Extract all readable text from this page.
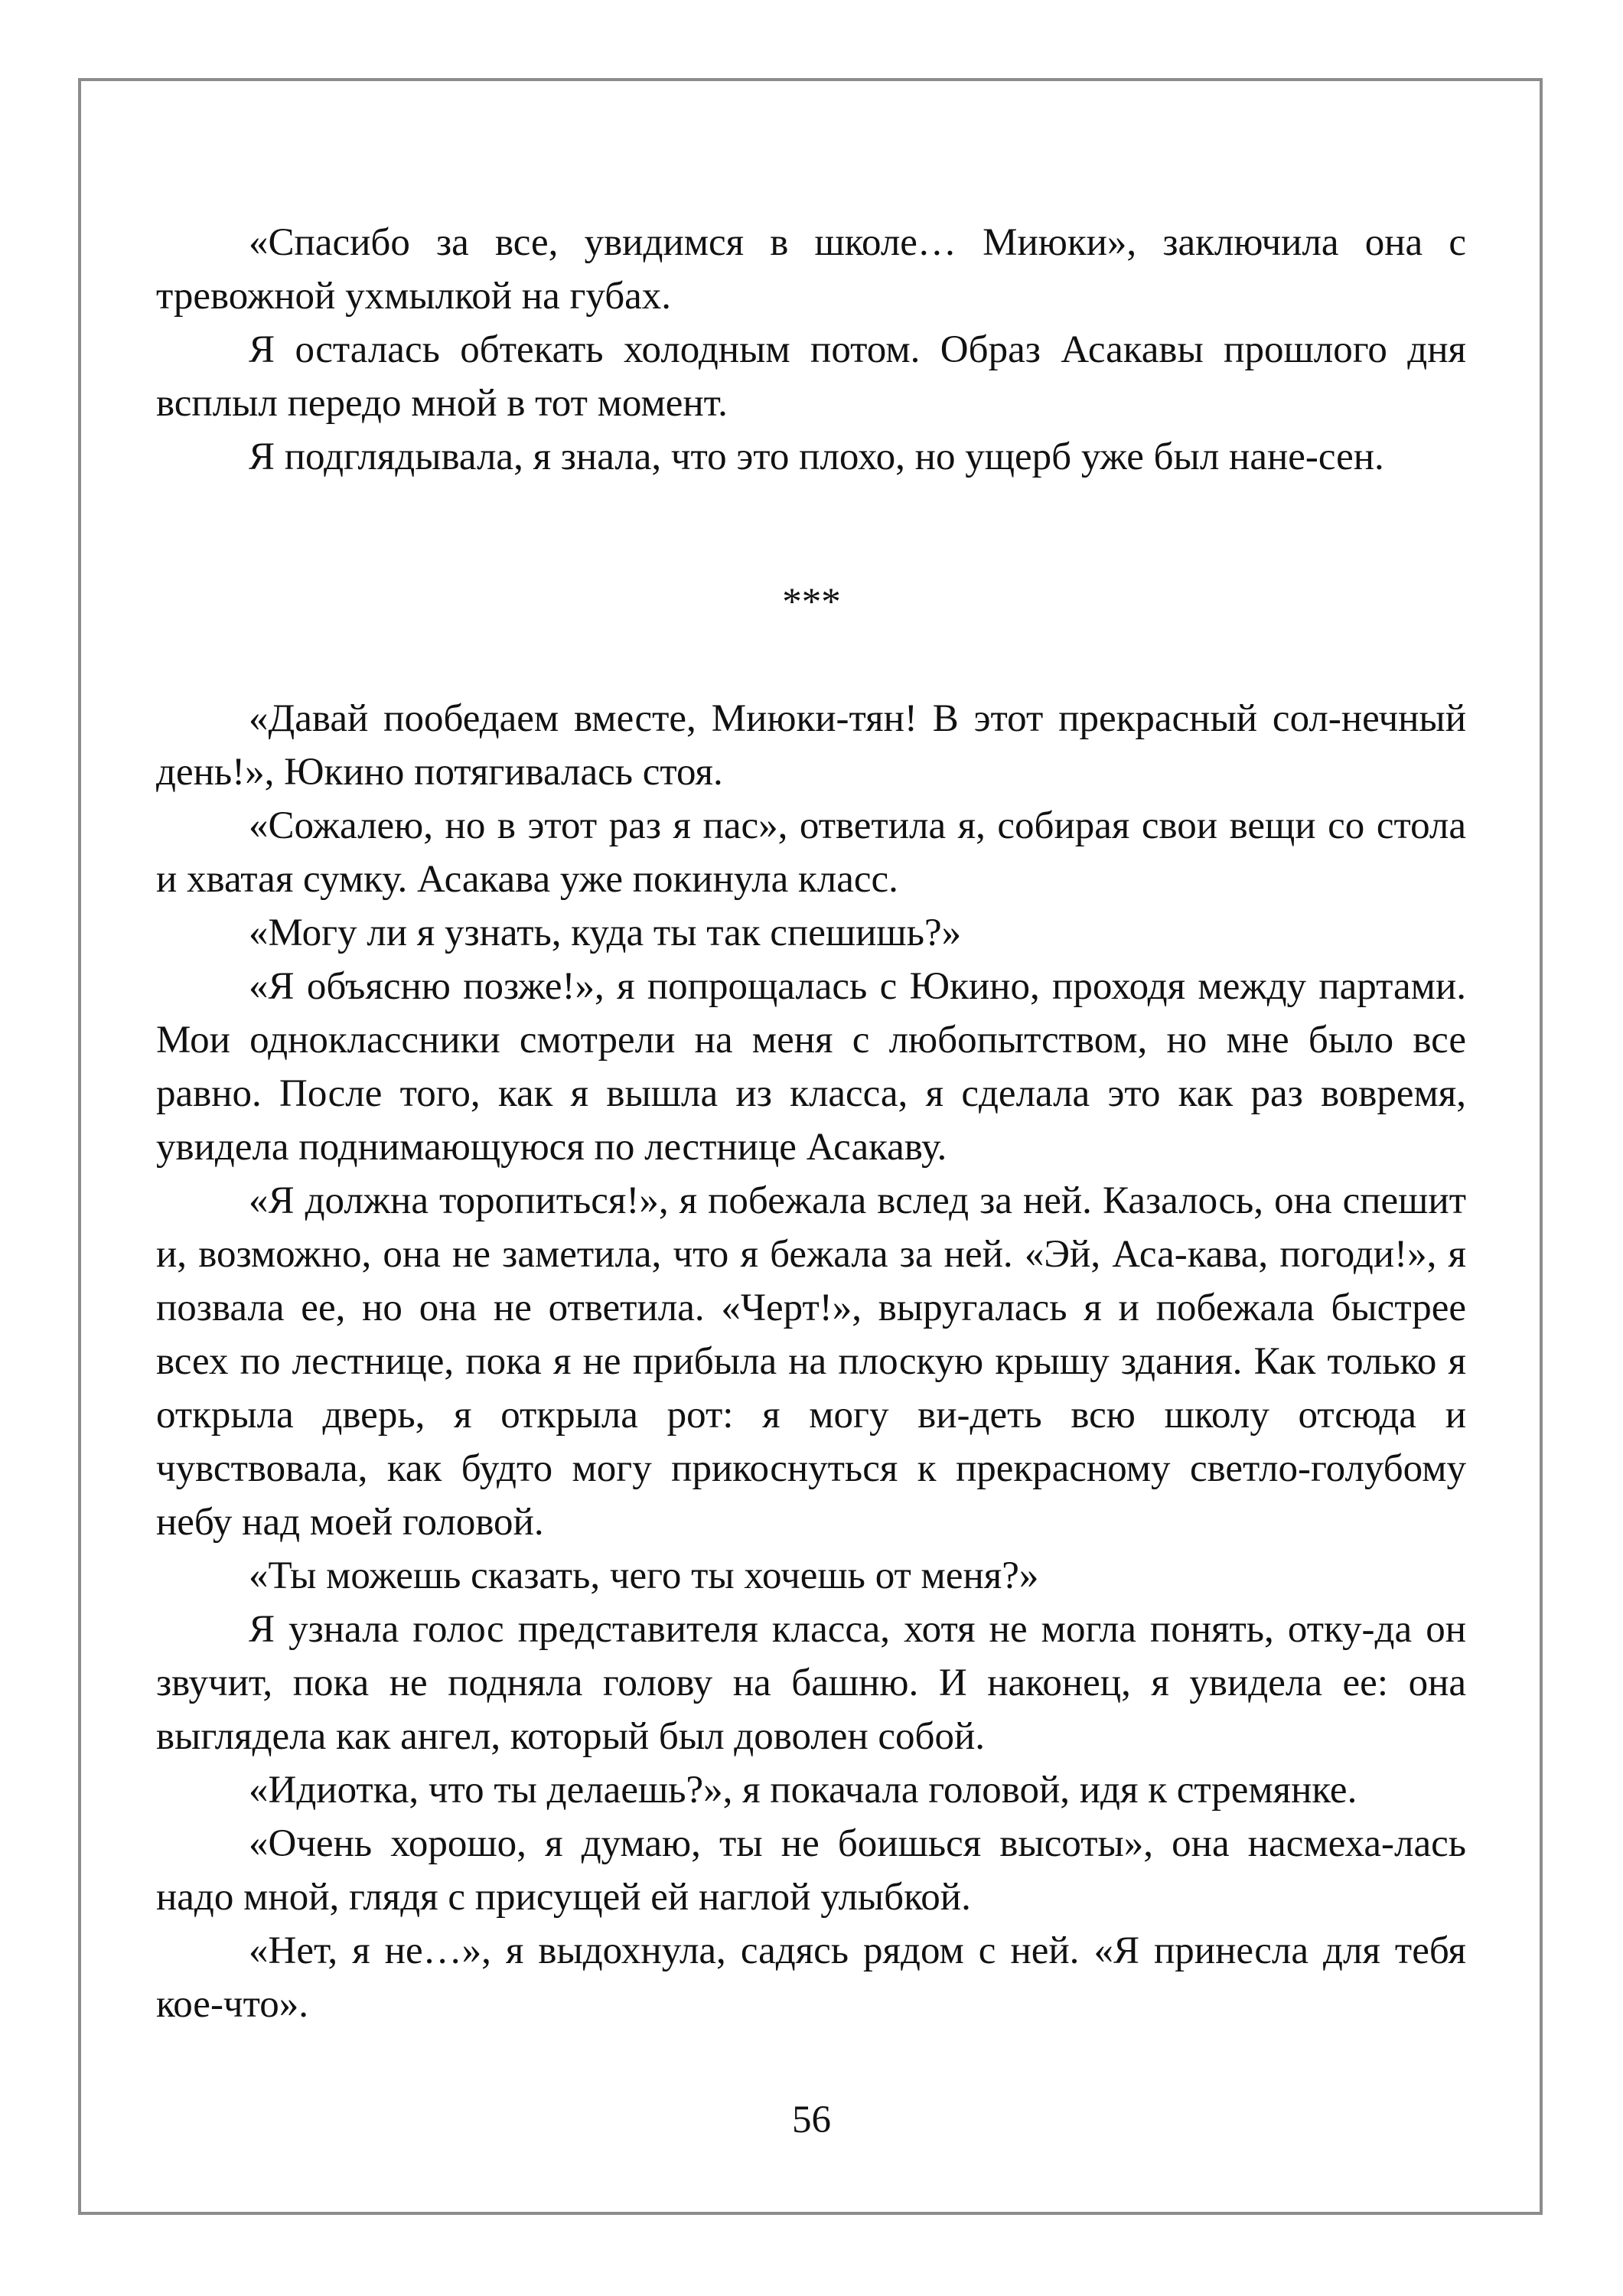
«Спасибо за все, увидимся в школе… Миюки», заключила она с тревожной ухмылкой на губах.

Я осталась обтекать холодным потом. Образ Асакавы прошлого дня всплыл передо мной в тот момент.

Я подглядывала, я знала, что это плохо, но ущерб уже был нане-сен.

***

«Давай пообедаем вместе, Миюки-тян! В этот прекрасный сол-нечный день!», Юкино потягивалась стоя.

«Сожалею, но в этот раз я пас», ответила я, собирая свои вещи со стола и хватая сумку. Асакава уже покинула класс.

«Могу ли я узнать, куда ты так спешишь?»

«Я объясню позже!», я попрощалась с Юкино, проходя между партами. Мои одноклассники смотрели на меня с любопытством, но мне было все равно. После того, как я вышла из класса, я сделала это как раз вовремя, увидела поднимающуюся по лестнице Асакаву.

«Я должна торопиться!», я побежала вслед за ней. Казалось, она спешит и, возможно, она не заметила, что я бежала за ней. «Эй, Аса-кава, погоди!», я позвала ее, но она не ответила. «Черт!», выругалась я и побежала быстрее всех по лестнице, пока я не прибыла на плоскую крышу здания. Как только я открыла дверь, я открыла рот: я могу ви-деть всю школу отсюда и чувствовала, как будто могу прикоснуться к прекрасному светло-голубому небу над моей головой.

«Ты можешь сказать, чего ты хочешь от меня?»

Я узнала голос представителя класса, хотя не могла понять, отку-да он звучит, пока не подняла голову на башню. И наконец, я увидела ее: она выглядела как ангел, который был доволен собой.

«Идиотка, что ты делаешь?», я покачала головой, идя к стремянке.

«Очень хорошо, я думаю, ты не боишься высоты», она насмеха-лась надо мной, глядя с присущей ей наглой улыбкой.

«Нет, я не…», я выдохнула, садясь рядом с ней. «Я принесла для тебя кое-что».

56
